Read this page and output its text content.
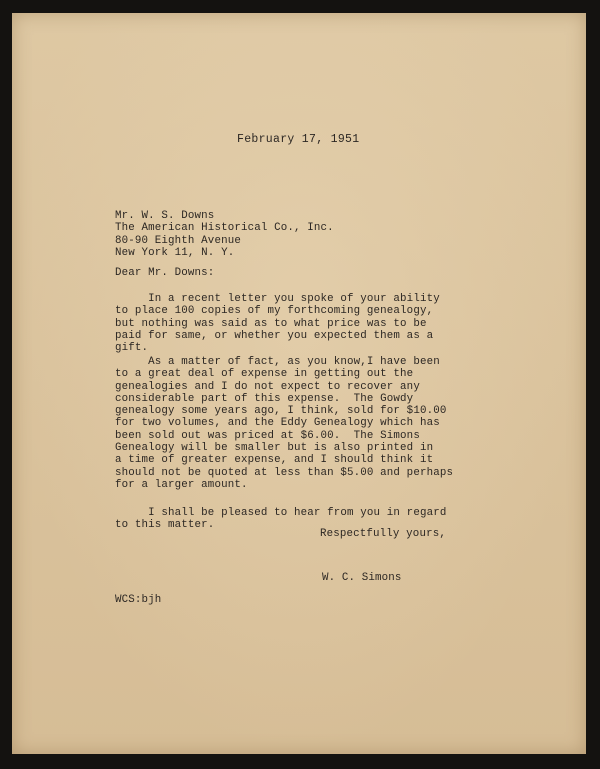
February 17, 1951

Mr. W. S. Downs
The American Historical Co., Inc.
80-90 Eighth Avenue
New York 11, N. Y.

Dear Mr. Downs:

In a recent letter you spoke of your ability
to place 100 copies of my forthcoming genealogy,
but nothing was said as to what price was to be
paid for same, or whether you expected them as a
gift.
As a matter of fact, as you know,I have been
to a great deal of expense in getting out the
genealogies and I do not expect to recover any
considerable part of this expense.  The Gowdy
genealogy some years ago, I think, sold for $10.00
for two volumes, and the Eddy Genealogy which has
been sold out was priced at $6.00.  The Simons
Genealogy will be smaller but is also printed in
a time of greater expense, and I should think it
should not be quoted at less than $5.00 and perhaps
for a larger amount.
I shall be pleased to hear from you in regard
to this matter.

Respectfully yours,

W. C. Simons

WCS:bjh
